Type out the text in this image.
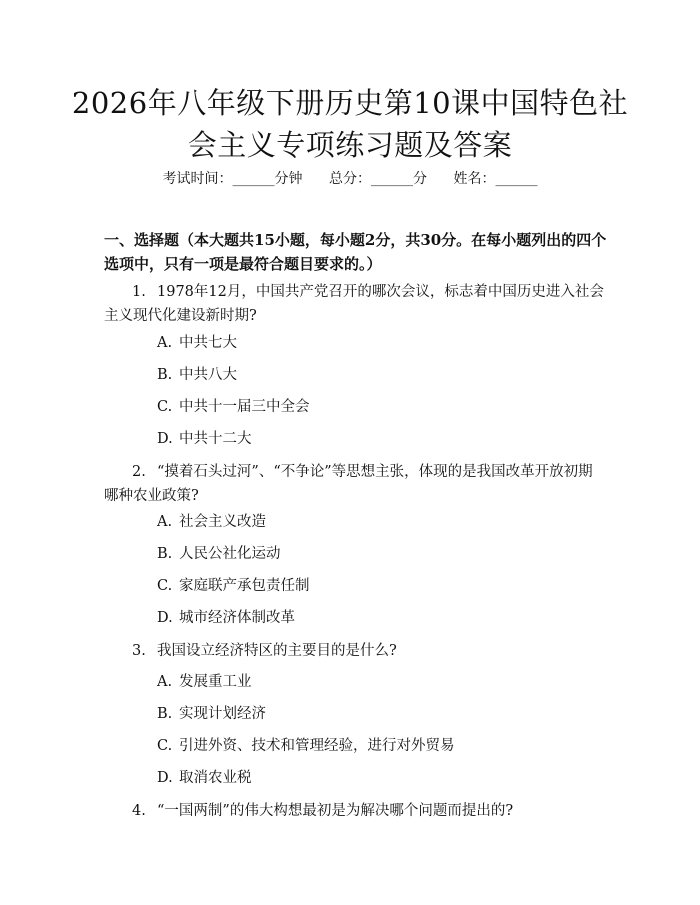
2026年八年级下册历史第10课中国特色社
会主义专项练习题及答案
考试时间：______分钟 总分：______分 姓名：______
一、选择题（本大题共15小题，每小题2分，共30分。在每小题列出的四个选项中，只有一项是最符合题目要求的。）
1. 1978年12月，中国共产党召开的哪次会议，标志着中国历史进入社会主义现代化建设新时期?
A. 中共七大
B. 中共八大
C. 中共十一届三中全会
D. 中共十二大
2. “摸着石头过河”、“不争论”等思想主张，体现的是我国改革开放初期哪种农业政策?
A. 社会主义改造
B. 人民公社化运动
C. 家庭联产承包责任制
D. 城市经济体制改革
3. 我国设立经济特区的主要目的是什么?
A. 发展重工业
B. 实现计划经济
C. 引进外资、技术和管理经验，进行对外贸易
D. 取消农业税
4. “一国两制”的伟大构想最初是为解决哪个问题而提出的?
